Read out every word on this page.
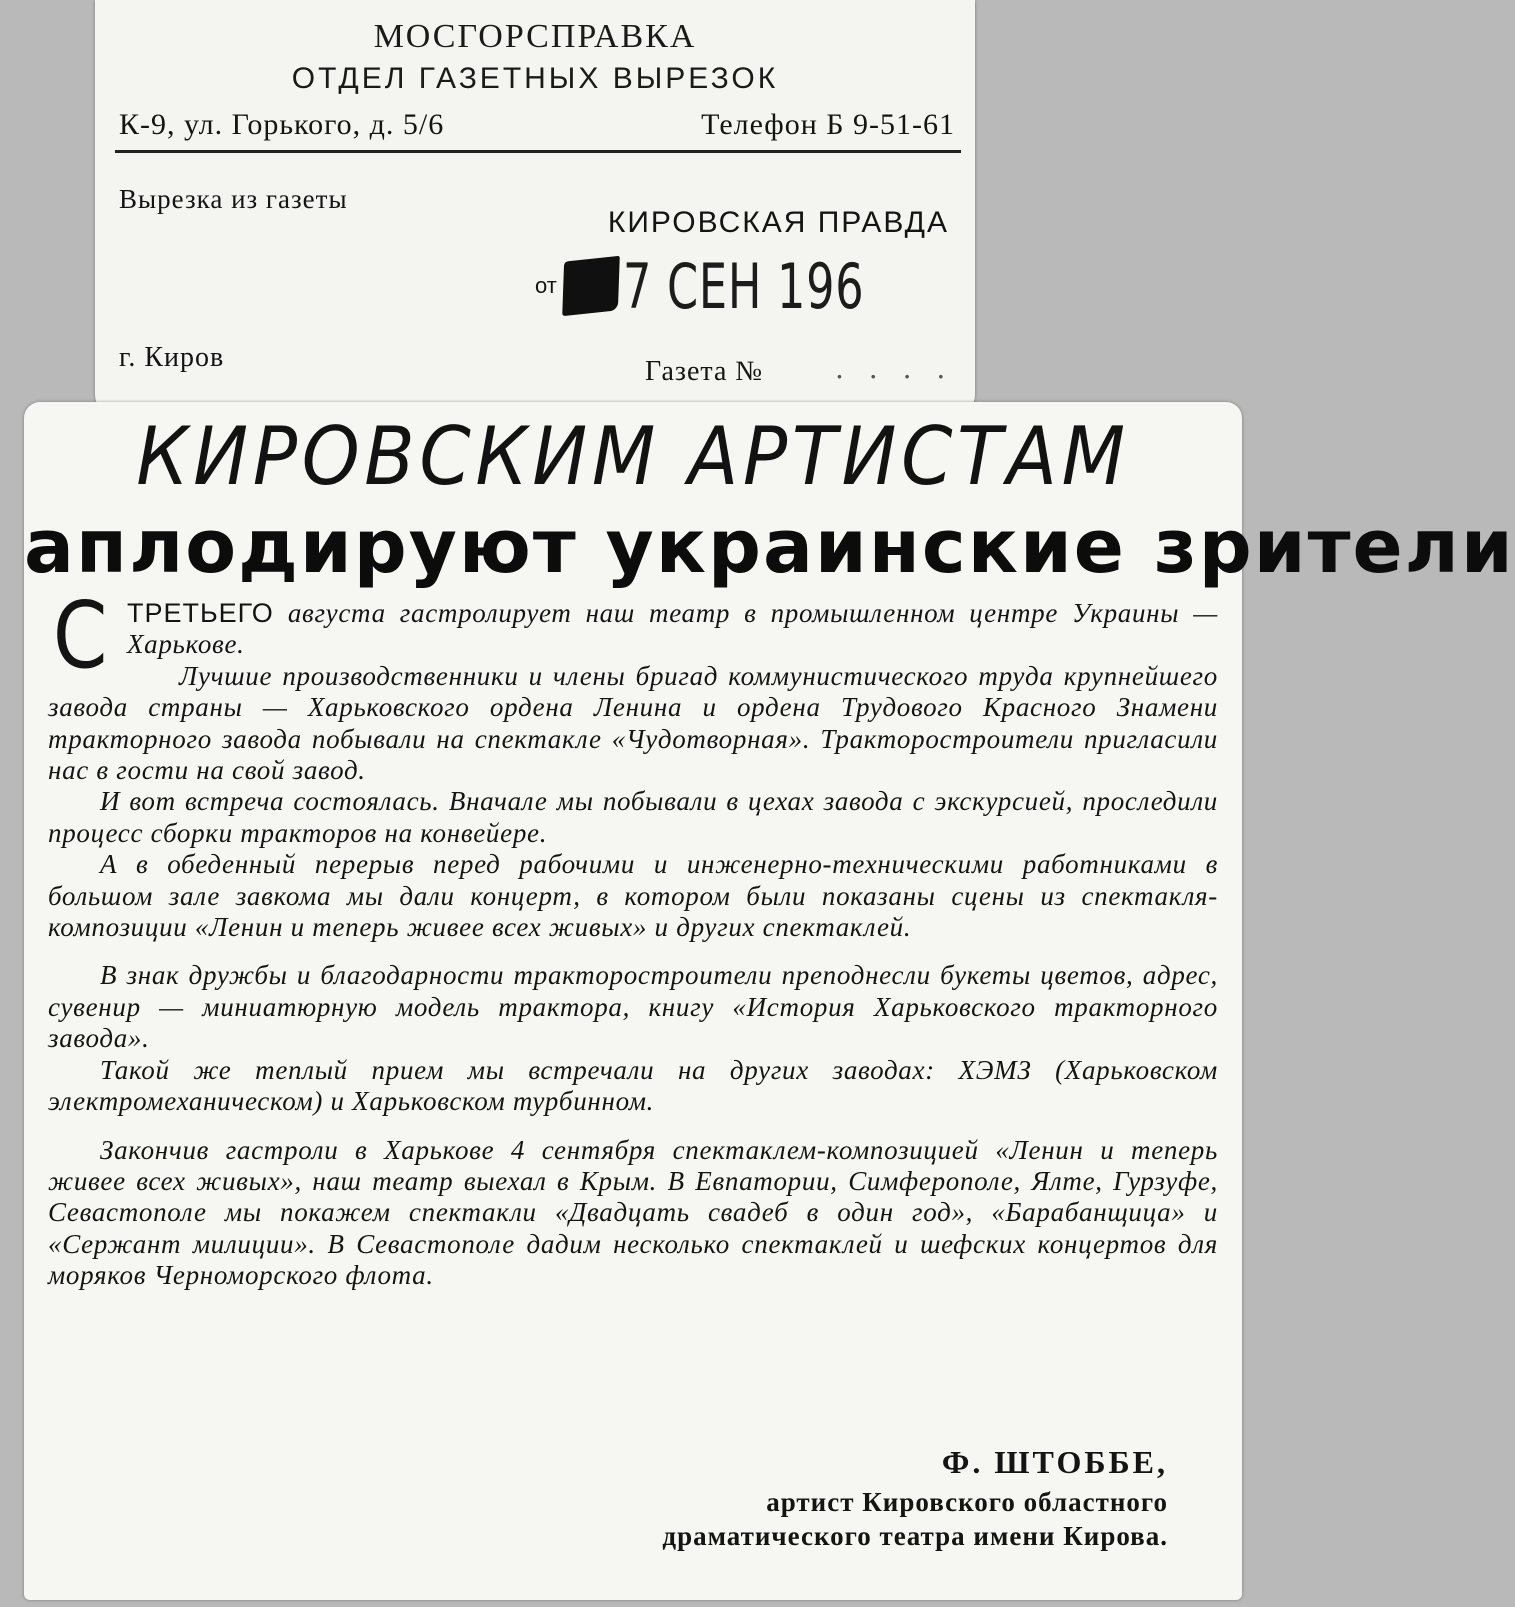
МОСГОРСПРАВКА
ОТДЕЛ ГАЗЕТНЫХ ВЫРЕЗОК
К-9, ул. Горького, д. 5/6	Телефон Б 9-51-61
Вырезка из газеты
КИРОВСКАЯ ПРАВДА
от 7 СЕН 196
г. Киров	Газета №	. . . .
КИРОВСКИМ АРТИСТАМ
аплодируют украинские зрители

СТРЕТЬЕГО августа гастролирует наш театр в промышленном центре Украины — Харькове.

Лучшие производственники и члены бригад коммунистического труда крупнейшего завода страны — Харьковского ордена Ленина и ордена Трудового Красного Знамени тракторного завода побывали на спектакле «Чудотворная». Тракторостроители пригласили нас в гости на свой завод.

И вот встреча состоялась. Вначале мы побывали в цехах завода с экскурсией, проследили процесс сборки тракторов на конвейере.

А в обеденный перерыв перед рабочими и инженерно-техническими работниками в большом зале завкома мы дали концерт, в котором были показаны сцены из спектакля-композиции «Ленин и теперь живее всех живых» и других спектаклей.

В знак дружбы и благодарности тракторостроители преподнесли букеты цветов, адрес, сувенир — миниатюрную модель трактора, книгу «История Харьковского тракторного завода».

Такой же теплый прием мы встречали на других заводах: ХЭМЗ (Харьковском электромеханическом) и Харьковском турбинном.

Закончив гастроли в Харькове 4 сентября спектаклем-композицией «Ленин и теперь живее всех живых», наш театр выехал в Крым. В Евпатории, Симферополе, Ялте, Гурзуфе, Севастополе мы покажем спектакли «Двадцать свадеб в один год», «Барабанщица» и «Сержант милиции». В Севастополе дадим несколько спектаклей и шефских концертов для моряков Черноморского флота.

Ф. ШТОББЕ,
артист Кировского областного
драматического театра имени Кирова.
